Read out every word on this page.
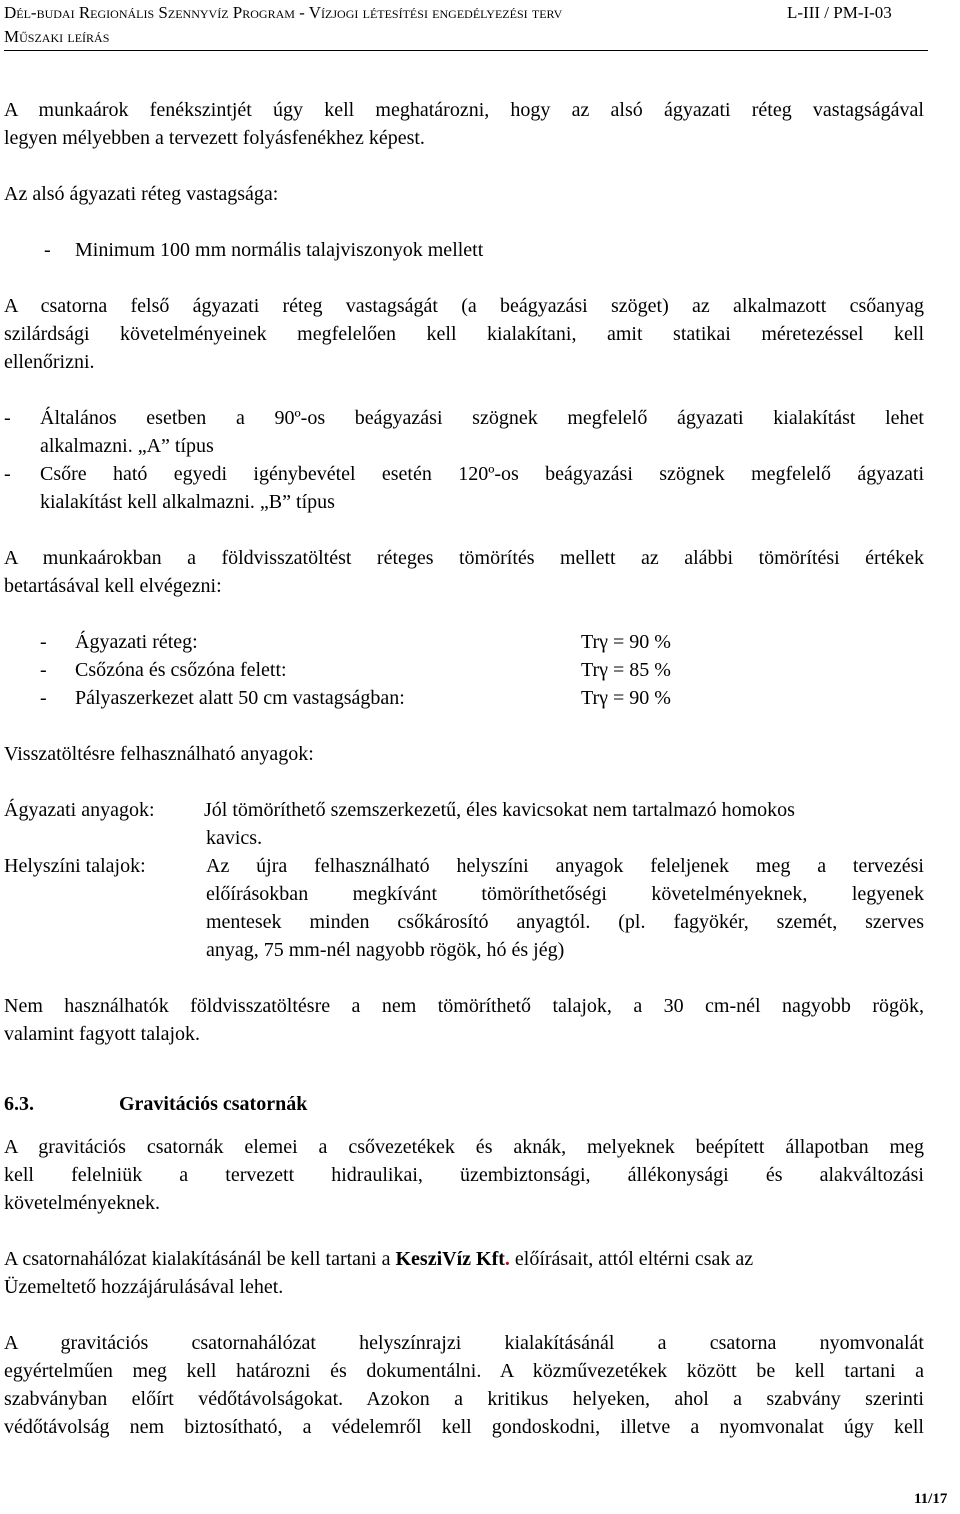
Dél-budai Regionális Szennyvíz Program - Vízjogi létesítési engedélyezési terv	L-III / PM-I-03
Műszaki leírás
A munkaárok fenékszintjét úgy kell meghatározni, hogy az alsó ágyazati réteg vastagságával
legyen mélyebben a tervezett folyásfenékhez képest.
Az alsó ágyazati réteg vastagsága:
- Minimum 100 mm normális talajviszonyok mellett
A csatorna felső ágyazati réteg vastagságát (a beágyazási szöget) az alkalmazott csőanyag
szilárdsági követelményeinek megfelelően kell kialakítani, amit statikai méretezéssel kell
ellenőrizni.
- Általános esetben a 90º-os beágyazási szögnek megfelelő ágyazati kialakítást lehet
alkalmazni. „A” típus
- Csőre ható egyedi igénybevétel esetén 120º-os beágyazási szögnek megfelelő ágyazati
kialakítást kell alkalmazni. „B” típus
A munkaárokban a földvisszatöltést réteges tömörítés mellett az alábbi tömörítési értékek
betartásával kell elvégezni:
- Ágyazati réteg:	Trγ = 90 %
- Csőzóna és csőzóna felett:	Trγ = 85 %
- Pályaszerkezet alatt 50 cm vastagságban:	Trγ = 90 %
Visszatöltésre felhasználható anyagok:
Ágyazati anyagok: Jól tömöríthető szemszerkezetű, éles kavicsokat nem tartalmazó homokos
kavics.
Helyszíni talajok:	Az újra felhasználható helyszíni anyagok feleljenek meg a tervezési
előírásokban megkívánt tömöríthetőségi követelményeknek, legyenek
mentesek minden csőkárosító anyagtól. (pl. fagyökér, szemét, szerves
anyag, 75 mm-nél nagyobb rögök, hó és jég)
Nem használhatók földvisszatöltésre a nem tömöríthető talajok, a 30 cm-nél nagyobb rögök,
valamint fagyott talajok.
6.3.	Gravitációs csatornák
A gravitációs csatornák elemei a csővezetékek és aknák, melyeknek beépített állapotban meg
kell felelniük a tervezett hidraulikai, üzembiztonsági, állékonysági és alakváltozási
követelményeknek.
A csatornahálózat kialakításánál be kell tartani a KesziVíz Kft. előírásait, attól eltérni csak az
Üzemeltető hozzájárulásával lehet.
A gravitációs csatornahálózat helyszínrajzi kialakításánál a csatorna nyomvonalát
egyértelműen meg kell határozni és dokumentálni. A közművezetékek között be kell tartani a
szabványban előírt védőtávolságokat. Azokon a kritikus helyeken, ahol a szabvány szerinti
védőtávolság nem biztosítható, a védelemről kell gondoskodni, illetve a nyomvonalat úgy kell
11/17
